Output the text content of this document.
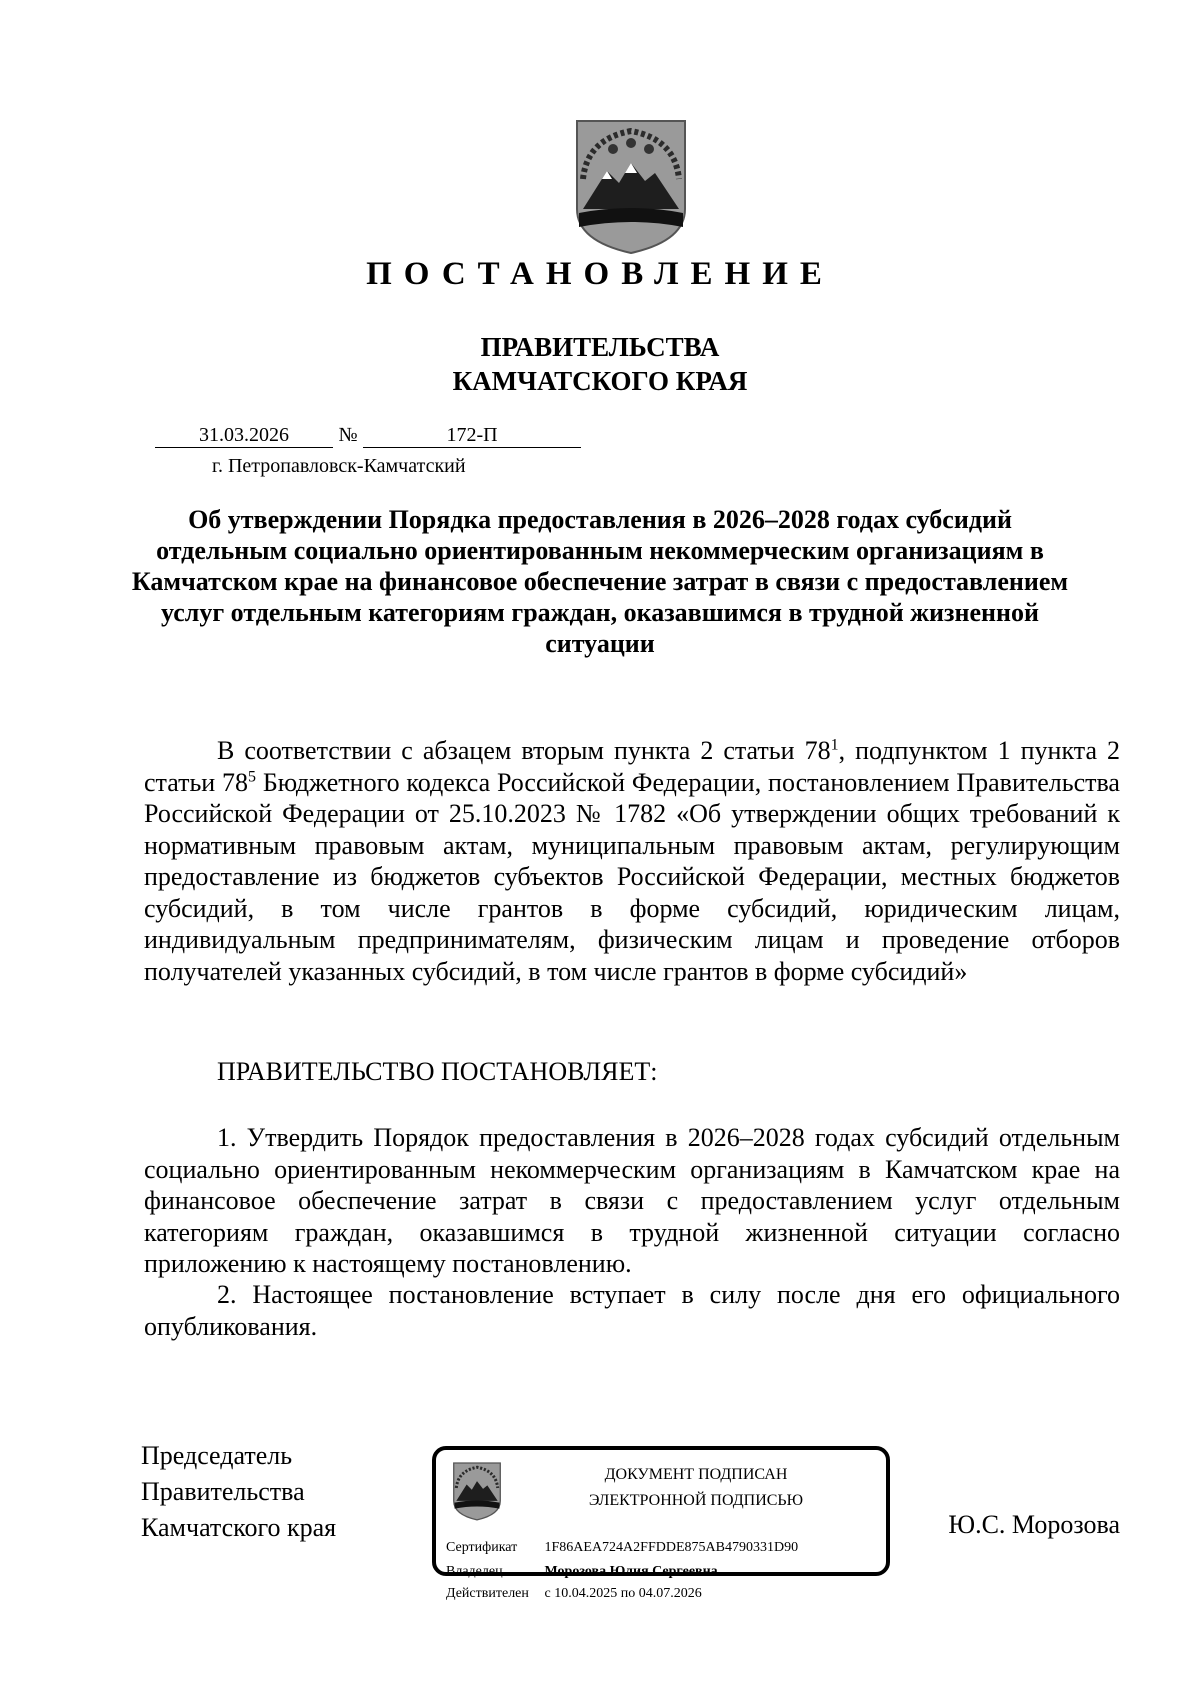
ПОСТАНОВЛЕНИЕ
ПРАВИТЕЛЬСТВА
КАМЧАТСКОГО КРАЯ
31.03.2026	№	172-П
г. Петропавловск-Камчатский
Об утверждении Порядка предоставления в 2026–2028 годах субсидий отдельным социально ориентированным некоммерческим организациям в Камчатском крае на финансовое обеспечение затрат в связи с предоставлением услуг отдельным категориям граждан, оказавшимся в трудной жизненной ситуации

В соответствии с абзацем вторым пункта 2 статьи $78^1$, подпунктом 1 пункта 2 статьи $78^5$ Бюджетного кодекса Российской Федерации, постановлением Правительства Российской Федерации от 25.10.2023 № 1782 «Об утверждении общих требований к нормативным правовым актам, муниципальным правовым актам, регулирующим предоставление из бюджетов субъектов Российской Федерации, местных бюджетов субсидий, в том числе грантов в форме субсидий, юридическим лицам, индивидуальным предпринимателям, физическим лицам и проведение отборов получателей указанных субсидий, в том числе грантов в форме субсидий»

ПРАВИТЕЛЬСТВО ПОСТАНОВЛЯЕТ:

1. Утвердить Порядок предоставления в 2026–2028 годах субсидий отдельным социально ориентированным некоммерческим организациям в Камчатском крае на финансовое обеспечение затрат в связи с предоставлением услуг отдельным категориям граждан, оказавшимся в трудной жизненной ситуации согласно приложению к настоящему постановлению.

2. Настоящее постановление вступает в силу после дня его официального опубликования.

Председатель
Правительства
Камчатского края
ДОКУМЕНТ ПОДПИСАН
ЭЛЕКТРОННОЙ ПОДПИСЬЮ
Сертификат 1F86AEA724A2FFDDE875AB4790331D90
Владелец	Морозова Юлия Сергеевна
Действителен с 10.04.2025 по 04.07.2026
Ю.С. Морозова
